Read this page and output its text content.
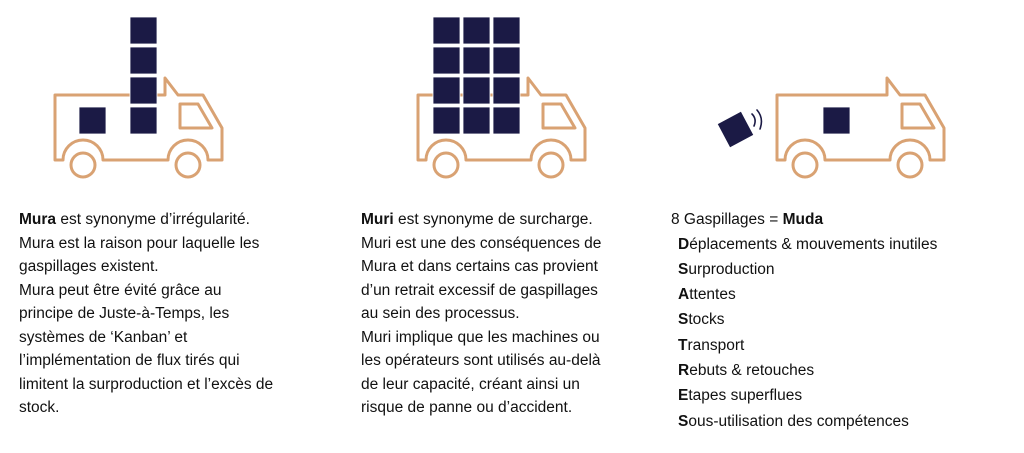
Mura est synonyme d’irrégularité.

Mura est la raison pour laquelle les

gaspillages existent.

Mura peut être évité grâce au

principe de Juste-à-Temps, les

systèmes de ‘Kanban’ et

l’implémentation de flux tirés qui

limitent la surproduction et l’excès de

stock.

Muri est synonyme de surcharge.

Muri est une des conséquences de

Mura et dans certains cas provient

d’un retrait excessif de gaspillages

au sein des processus.

Muri implique que les machines ou

les opérateurs sont utilisés au-delà

de leur capacité, créant ainsi un

risque de panne ou d’accident.

8 Gaspillages = Muda

Déplacements & mouvements inutiles
Surproduction
Attentes
Stocks
Transport
Rebuts & retouches
Etapes superflues
Sous-utilisation des compétences
